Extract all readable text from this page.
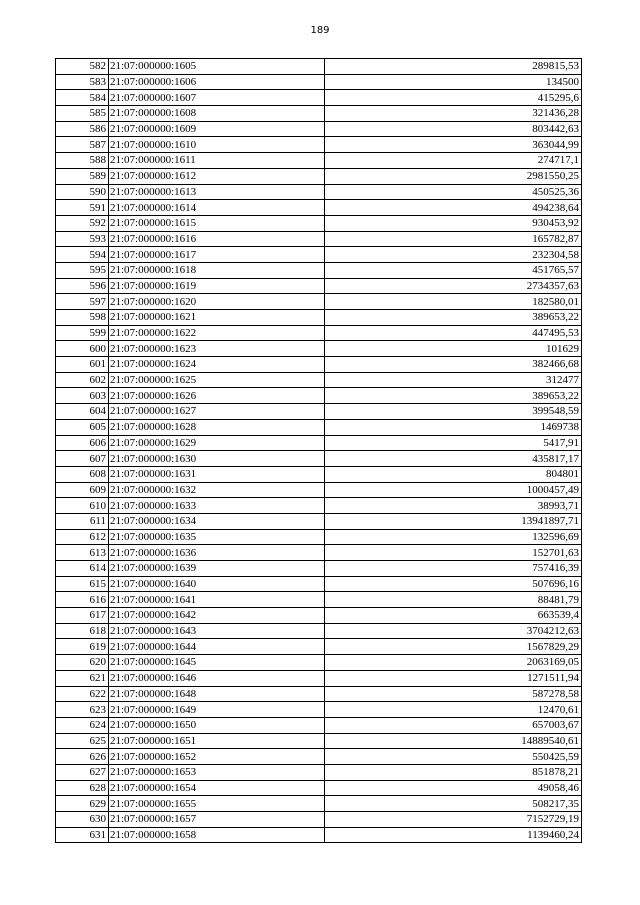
189
582	21:07:000000:1605	289815,53
583	21:07:000000:1606	134500
584	21:07:000000:1607	415295,6
585	21:07:000000:1608	321436,28
586	21:07:000000:1609	803442,63
587	21:07:000000:1610	363044,99
588	21:07:000000:1611	274717,1
589	21:07:000000:1612	2981550,25
590	21:07:000000:1613	450525,36
591	21:07:000000:1614	494238,64
592	21:07:000000:1615	930453,92
593	21:07:000000:1616	165782,87
594	21:07:000000:1617	232304,58
595	21:07:000000:1618	451765,57
596	21:07:000000:1619	2734357,63
597	21:07:000000:1620	182580,01
598	21:07:000000:1621	389653,22
599	21:07:000000:1622	447495,53
600	21:07:000000:1623	101629
601	21:07:000000:1624	382466,68
602	21:07:000000:1625	312477
603	21:07:000000:1626	389653,22
604	21:07:000000:1627	399548,59
605	21:07:000000:1628	1469738
606	21:07:000000:1629	5417,91
607	21:07:000000:1630	435817,17
608	21:07:000000:1631	804801
609	21:07:000000:1632	1000457,49
610	21:07:000000:1633	38993,71
611	21:07:000000:1634	13941897,71
612	21:07:000000:1635	132596,69
613	21:07:000000:1636	152701,63
614	21:07:000000:1639	757416,39
615	21:07:000000:1640	507696,16
616	21:07:000000:1641	88481,79
617	21:07:000000:1642	663539,4
618	21:07:000000:1643	3704212,63
619	21:07:000000:1644	1567829,29
620	21:07:000000:1645	2063169,05
621	21:07:000000:1646	1271511,94
622	21:07:000000:1648	587278,58
623	21:07:000000:1649	12470,61
624	21:07:000000:1650	657003,67
625	21:07:000000:1651	14889540,61
626	21:07:000000:1652	550425,59
627	21:07:000000:1653	851878,21
628	21:07:000000:1654	49058,46
629	21:07:000000:1655	508217,35
630	21:07:000000:1657	7152729,19
631	21:07:000000:1658	1139460,24
